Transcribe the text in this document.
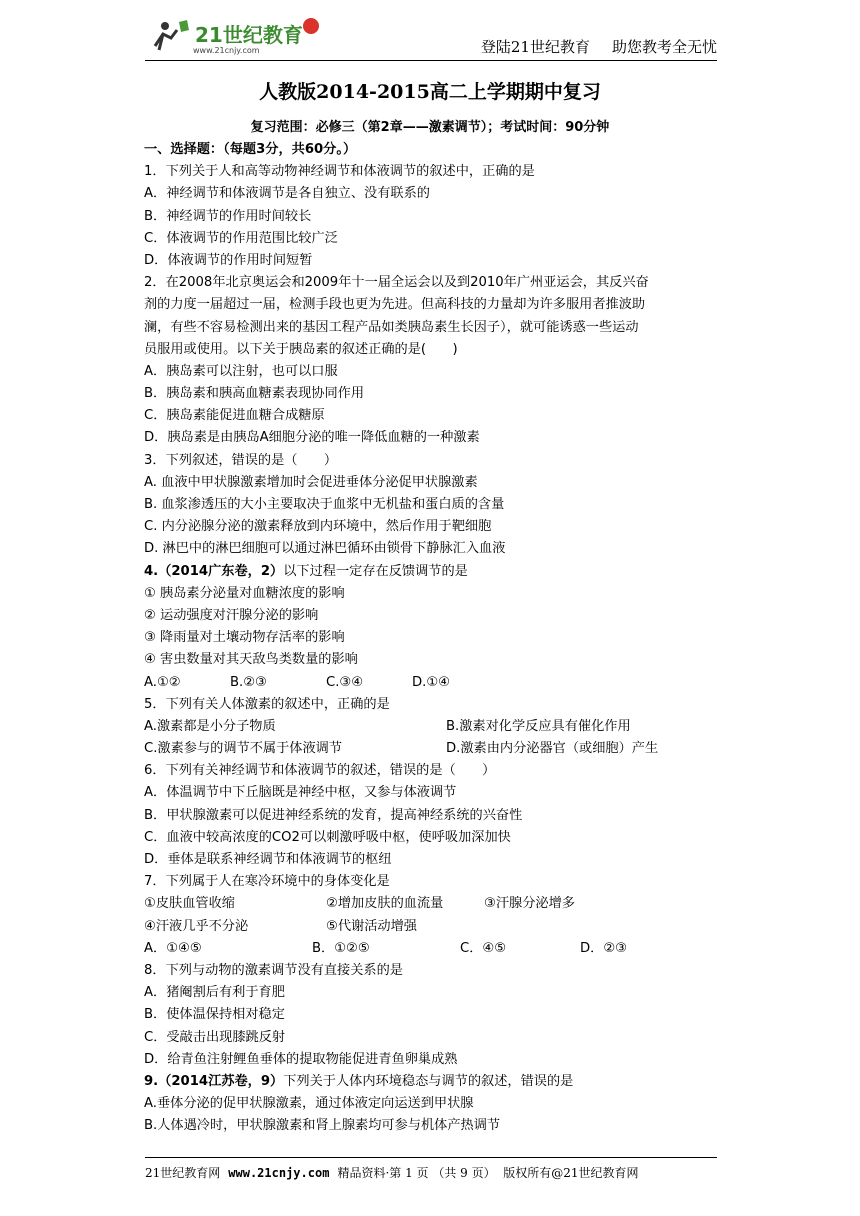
21世纪教育
www.21cnjy.com	登陆21世纪教育 助您教考全无忧
人教版2014-2015高二上学期期中复习
复习范围：必修三（第2章——激素调节）；考试时间：90分钟
一、选择题：（每题3分，共60分。）
1．下列关于人和高等动物神经调节和体液调节的叙述中，正确的是
A．神经调节和体液调节是各自独立、没有联系的
B．神经调节的作用时间较长
C．体液调节的作用范围比较广泛
D．体液调节的作用时间短暂
2．在2008年北京奥运会和2009年十一届全运会以及到2010年广州亚运会，其反兴奋
剂的力度一届超过一届，检测手段也更为先进。但高科技的力量却为许多服用者推波助
澜，有些不容易检测出来的基因工程产品如类胰岛素生长因子），就可能诱惑一些运动
员服用或使用。以下关于胰岛素的叙述正确的是(　　)
A．胰岛素可以注射，也可以口服
B．胰岛素和胰高血糖素表现协同作用
C．胰岛素能促进血糖合成糖原
D．胰岛素是由胰岛A细胞分泌的唯一降低血糖的一种激素
3．下列叙述，错误的是（　　）
A. 血液中甲状腺激素增加时会促进垂体分泌促甲状腺激素
B. 血浆渗透压的大小主要取决于血浆中无机盐和蛋白质的含量
C. 内分泌腺分泌的激素释放到内环境中，然后作用于靶细胞
D. 淋巴中的淋巴细胞可以通过淋巴循环由锁骨下静脉汇入血液
4.（2014广东卷，2）以下过程一定存在反馈调节的是
① 胰岛素分泌量对血糖浓度的影响
② 运动强度对汗腺分泌的影响
③ 降雨量对土壤动物存活率的影响
④ 害虫数量对其天敌鸟类数量的影响
A.①②	B.②③	C.③④	D.①④
5．下列有关人体激素的叙述中，正确的是
A.激素都是小分子物质	B.激素对化学反应具有催化作用
C.激素参与的调节不属于体液调节	D.激素由内分泌器官（或细胞）产生
6．下列有关神经调节和体液调节的叙述，错误的是（　　）
A．体温调节中下丘脑既是神经中枢，又参与体液调节
B．甲状腺激素可以促进神经系统的发育，提高神经系统的兴奋性
C．血液中较高浓度的CO2可以刺激呼吸中枢，使呼吸加深加快
D．垂体是联系神经调节和体液调节的枢纽
7．下列属于人在寒冷环境中的身体变化是
①皮肤血管收缩	②增加皮肤的血流量	③汗腺分泌增多
④汗液几乎不分泌	⑤代谢活动增强
A．①④⑤	B．①②⑤	C．④⑤	D．②③
8．下列与动物的激素调节没有直接关系的是
A．猪阉割后有利于育肥
B．使体温保持相对稳定
C．受敲击出现膝跳反射
D．给青鱼注射鲤鱼垂体的提取物能促进青鱼卵巢成熟
9.（2014江苏卷，9）下列关于人体内环境稳态与调节的叙述，错误的是
A.垂体分泌的促甲状腺激素，通过体液定向运送到甲状腺
B.人体遇冷时，甲状腺激素和肾上腺素均可参与机体产热调节
21世纪教育网 www.21cnjy.com 精品资料·第 1 页 （共 9 页） 版权所有@21世纪教育网
